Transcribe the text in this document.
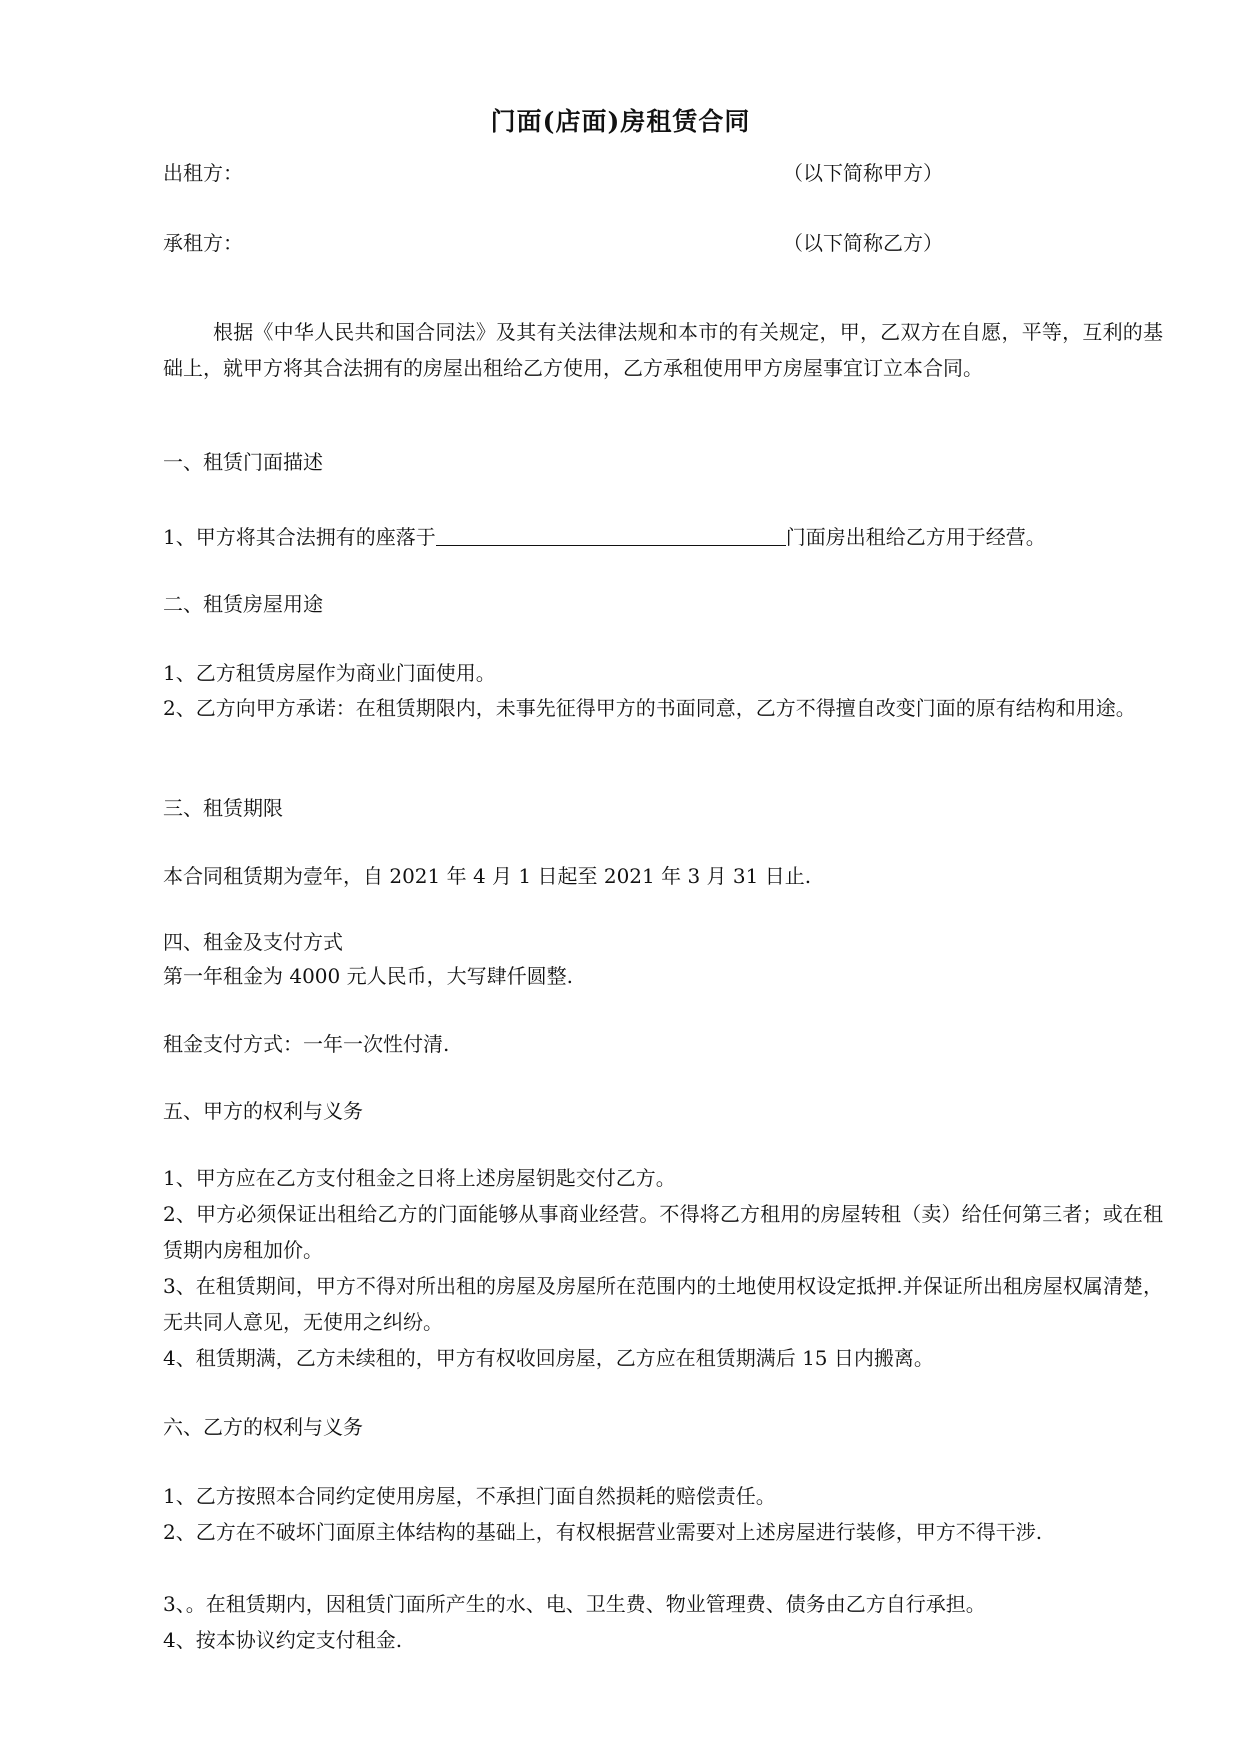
门面(店面)房租赁合同
出租方：	（以下简称甲方）
承租方：	（以下简称乙方）
根据《中华人民共和国合同法》及其有关法律法规和本市的有关规定，甲，乙双方在自愿，平等，互利的基础上，就甲方将其合法拥有的房屋出租给乙方使用，乙方承租使用甲方房屋事宜订立本合同。
一、租赁门面描述
1、甲方将其合法拥有的座落于	门面房出租给乙方用于经营。
二、租赁房屋用途
1、乙方租赁房屋作为商业门面使用。
2、乙方向甲方承诺：在租赁期限内，未事先征得甲方的书面同意，乙方不得擅自改变门面的原有结构和用途。
三、租赁期限
本合同租赁期为壹年，自 2021 年 4 月 1 日起至 2021 年 3 月 31 日止.
四、租金及支付方式
第一年租金为 4000 元人民币，大写肆仟圆整.
租金支付方式：一年一次性付清.
五、甲方的权利与义务
1、甲方应在乙方支付租金之日将上述房屋钥匙交付乙方。
2、甲方必须保证出租给乙方的门面能够从事商业经营。不得将乙方租用的房屋转租（卖）给任何第三者；或在租赁期内房租加价。
3、在租赁期间，甲方不得对所出租的房屋及房屋所在范围内的土地使用权设定抵押.并保证所出租房屋权属清楚，无共同人意见，无使用之纠纷。
4、租赁期满，乙方未续租的，甲方有权收回房屋，乙方应在租赁期满后 15 日内搬离。
六、乙方的权利与义务
1、乙方按照本合同约定使用房屋，不承担门面自然损耗的赔偿责任。
2、乙方在不破坏门面原主体结构的基础上，有权根据营业需要对上述房屋进行装修，甲方不得干涉.
3、。在租赁期内，因租赁门面所产生的水、电、卫生费、物业管理费、债务由乙方自行承担。
4、按本协议约定支付租金.
